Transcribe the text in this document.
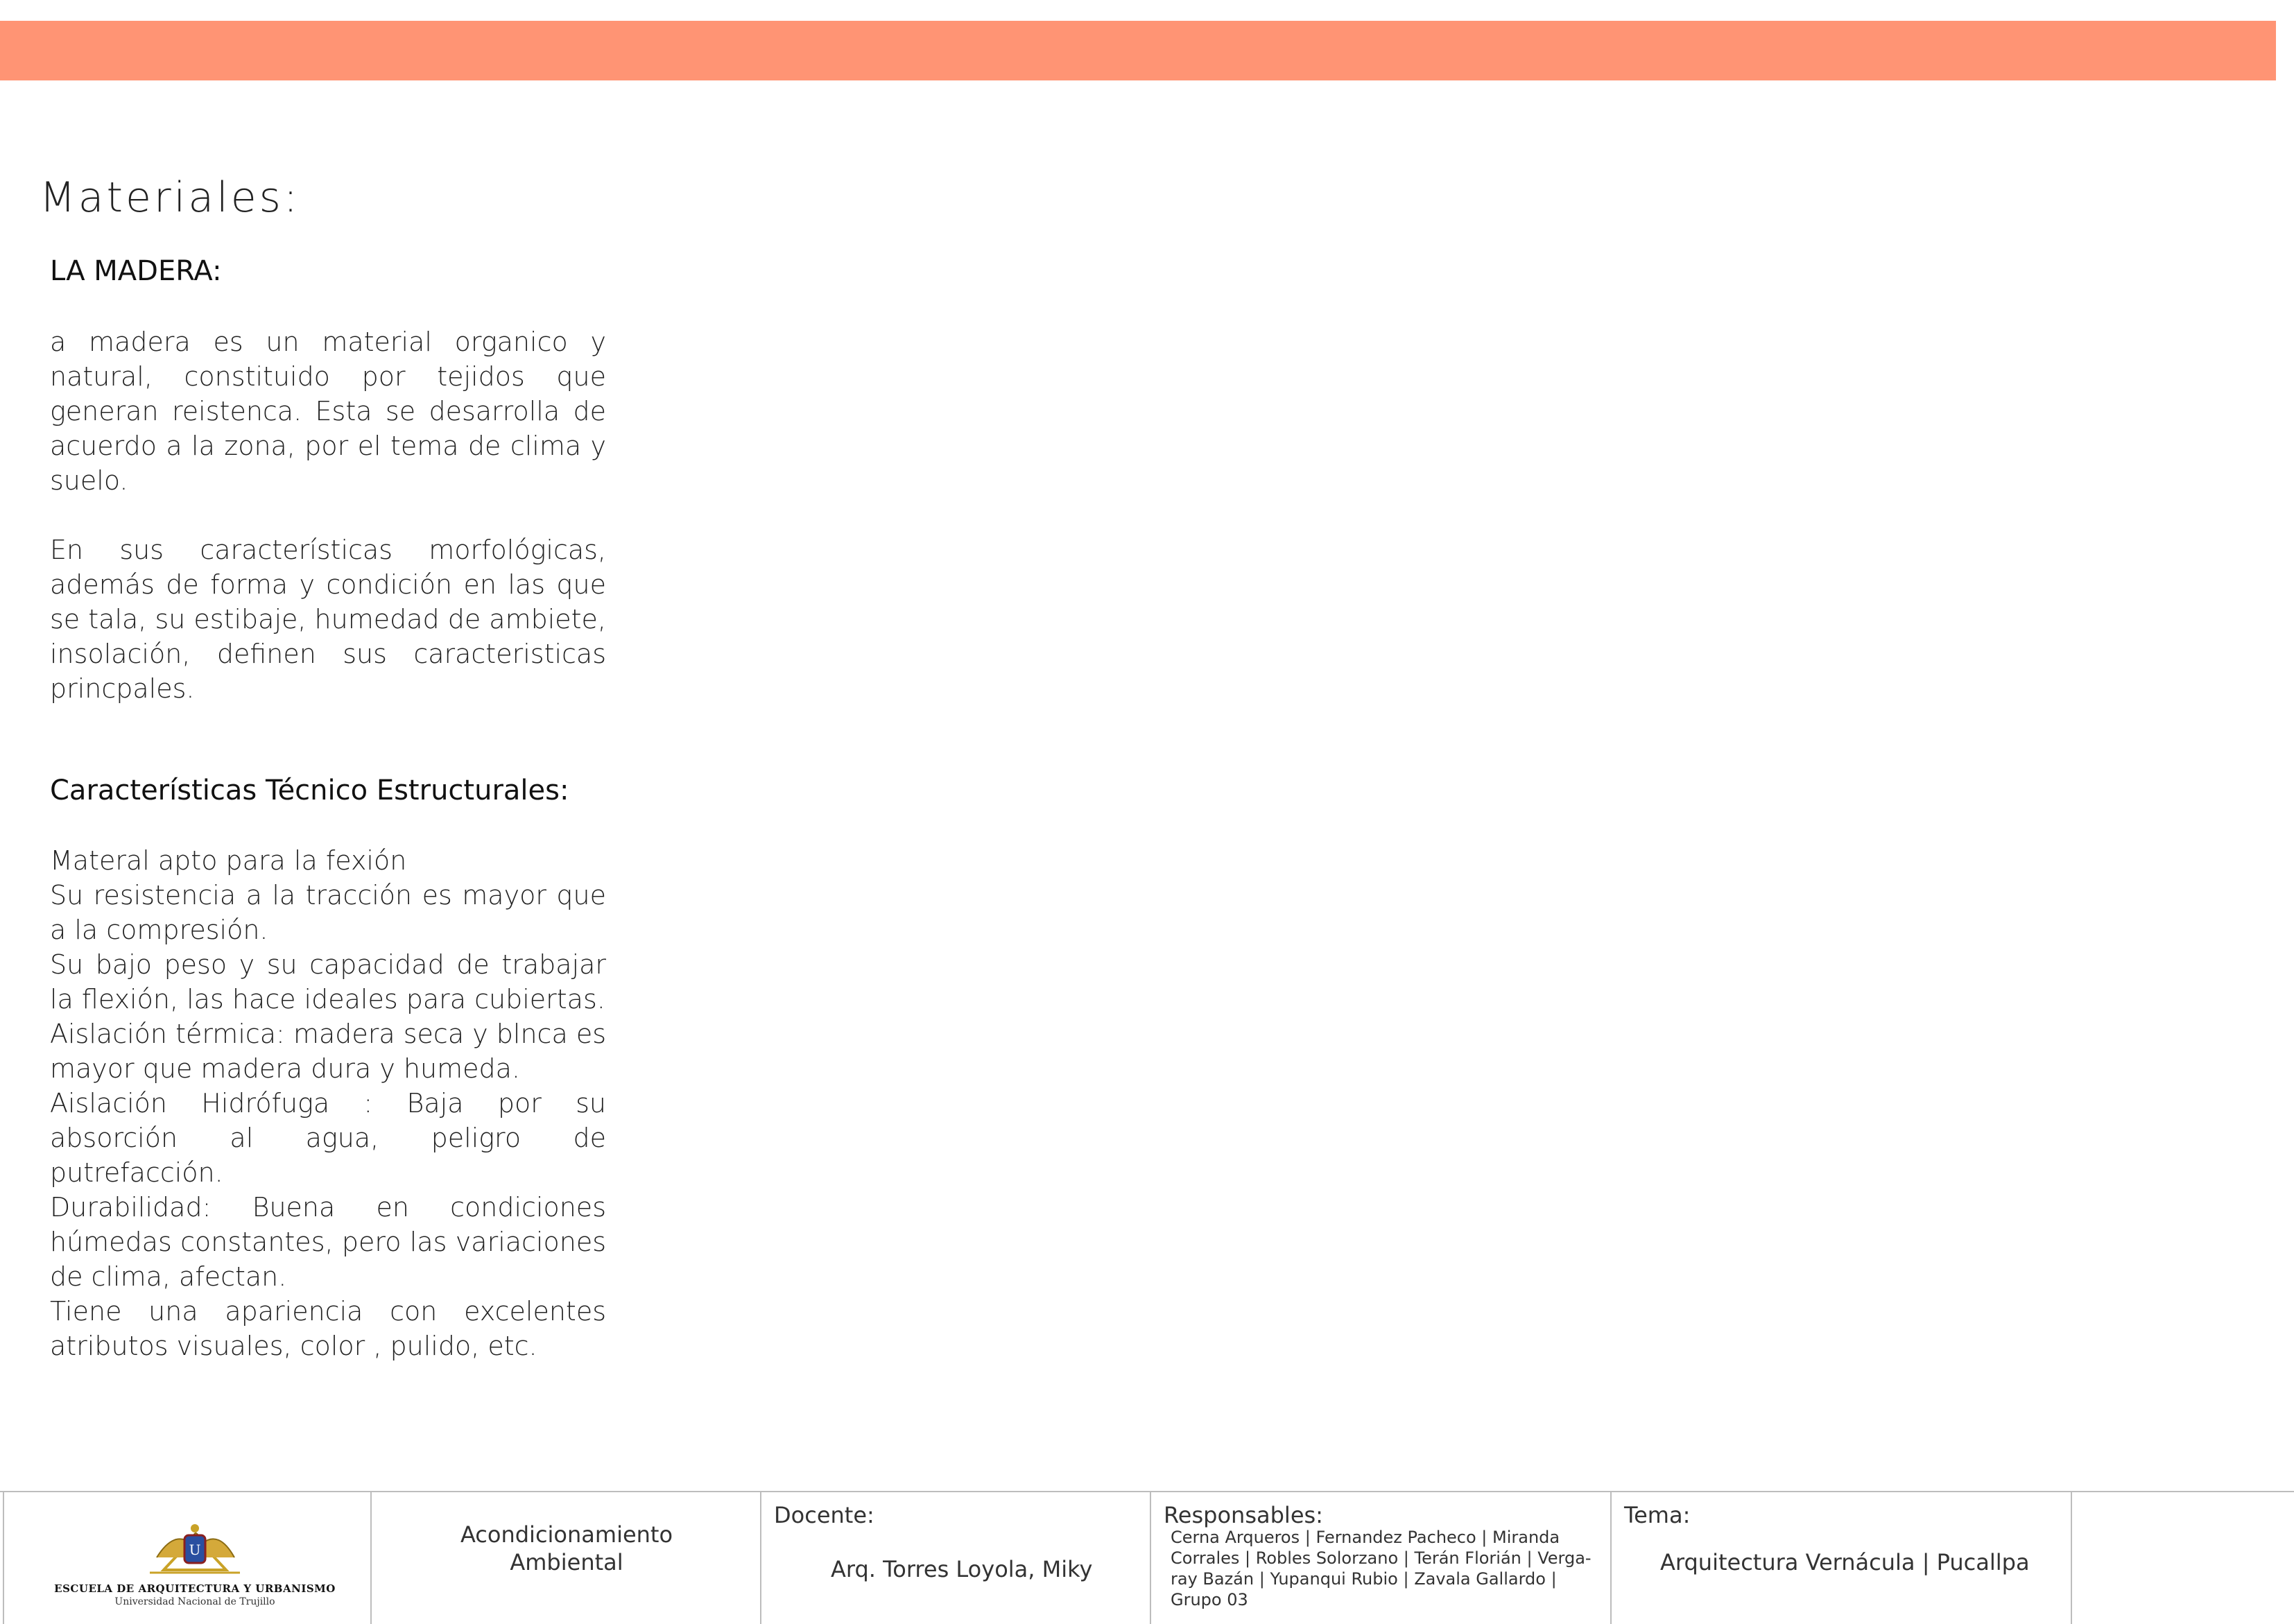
Materiales:
LA MADERA:

a madera es un material organico y natural, constituido por tejidos que generan reistenca. Esta se desarrolla de acuerdo a la zona, por el tema de clima y suelo.

En sus características morfológicas, además de forma y condición en las que se tala, su estibaje, humedad de ambiete, insolación, definen sus caracteristicas princpales.

Características Técnico Estructurales:

Materal apto para la fexión

Su resistencia a la tracción es mayor que a la compresión.

Su bajo peso y su capacidad de trabajar la flexión, las hace ideales para cubiertas.

Aislación térmica: madera seca y blnca es mayor que madera dura y humeda.

Aislación Hidrófuga : Baja por su absorción al agua, peligro de putrefacción.

Durabilidad: Buena en condiciones húmedas constantes, pero las variaciones de clima, afectan.

Tiene una apariencia con excelentes atributos visuales, color , pulido, etc.

U
ESCUELA DE ARQUITECTURA Y URBANISMO
Universidad Nacional de Trujillo
Acondicionamiento
Ambiental
Docente:
Arq. Torres Loyola, Miky
Responsables:
Cerna Arqueros | Fernandez Pacheco | Miranda
Corrales | Robles Solorzano | Terán Florián | Verga-
ray Bazán | Yupanqui Rubio | Zavala Gallardo |
Grupo 03
Tema:
Arquitectura Vernácula | Pucallpa
